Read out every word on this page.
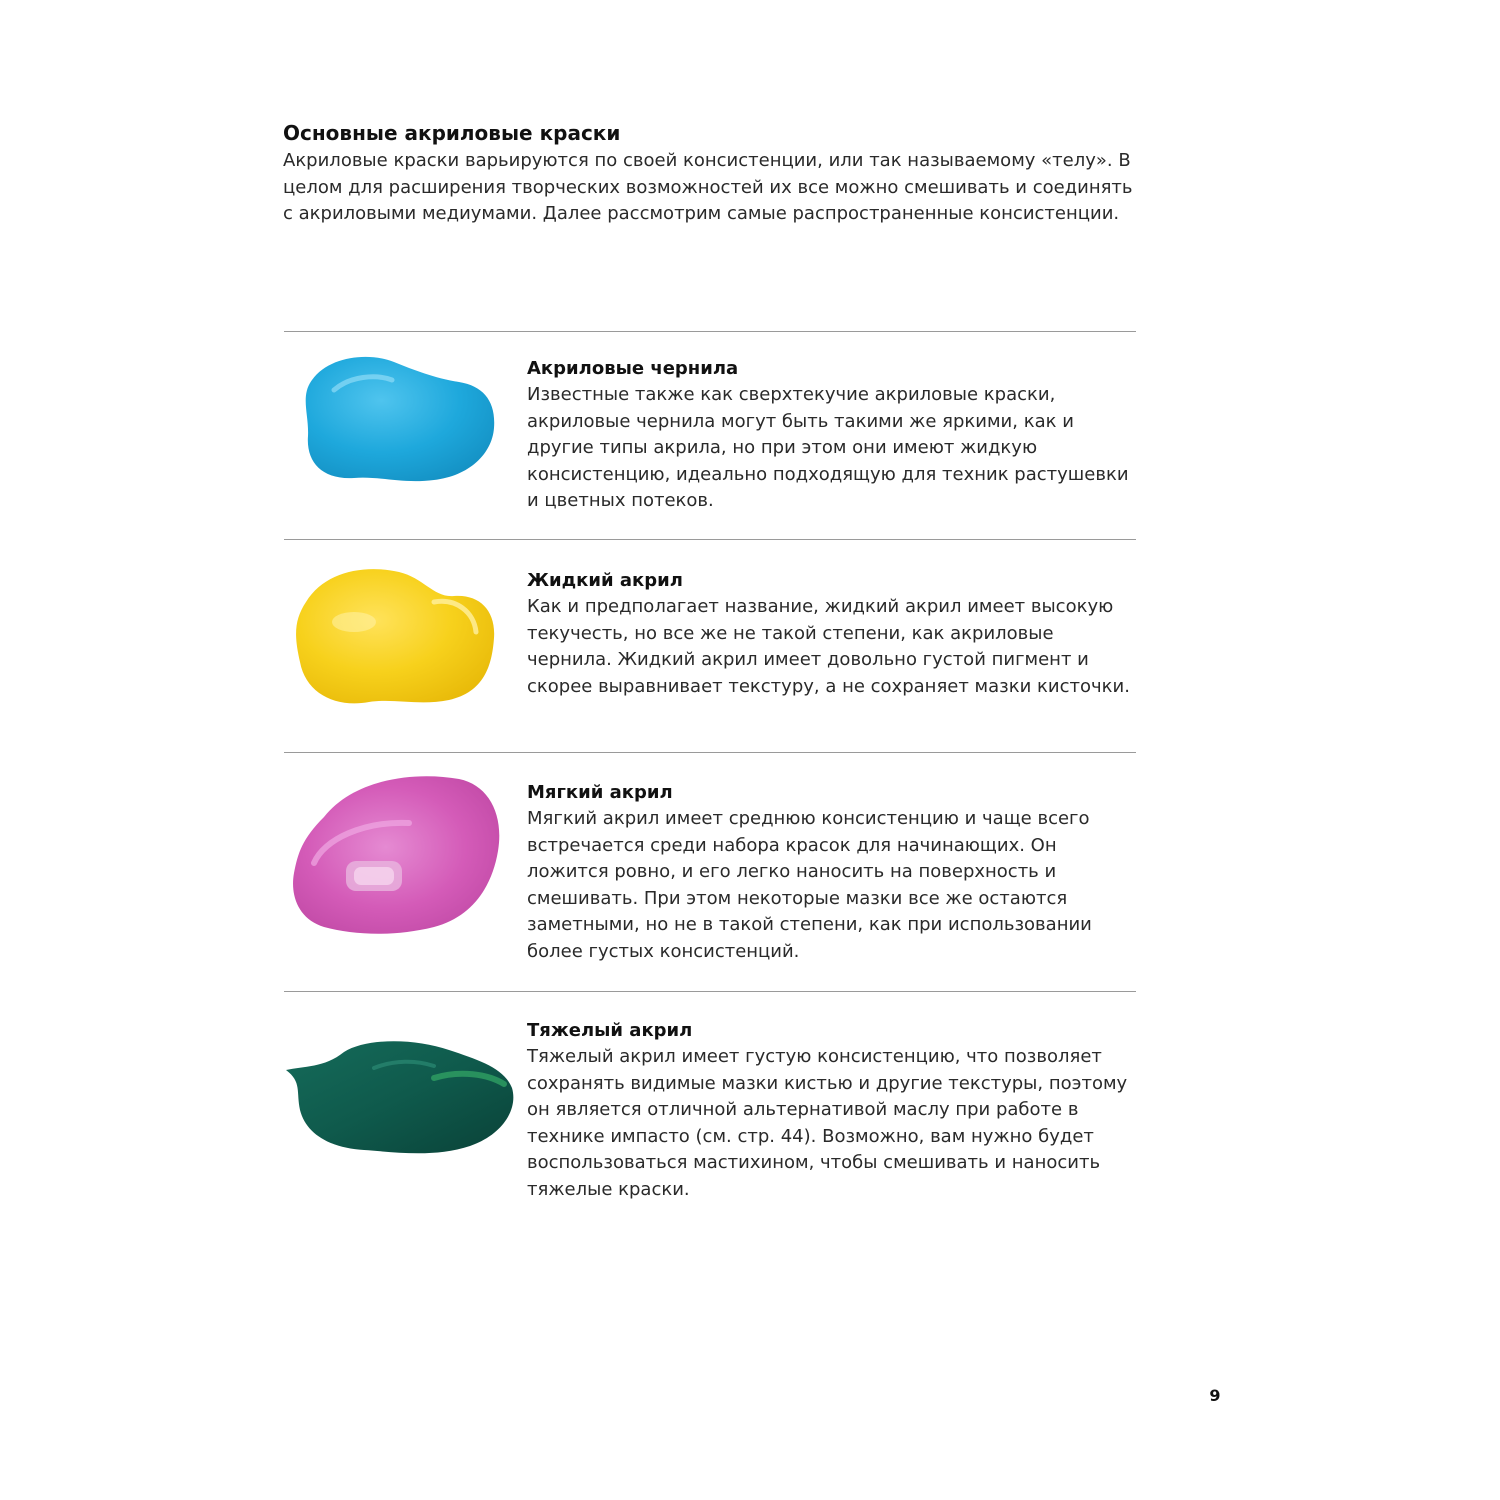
Основные акриловые краски

Акриловые краски варьируются по своей консистенции, или так называемому «телу». В целом для расширения творческих возможностей их все можно смешивать и соединять с акриловыми медиумами. Далее рассмотрим самые распространенные консистенции.

Акриловые чернила

Известные также как сверхтекучие акриловые краски, акриловые чернила могут быть такими же яркими, как и другие типы акрила, но при этом они имеют жидкую консистенцию, идеально подходящую для техник растушевки и цветных потеков.

Жидкий акрил

Как и предполагает название, жидкий акрил имеет высокую текучесть, но все же не такой степени, как акриловые чернила. Жидкий акрил имеет довольно густой пигмент и скорее выравнивает текстуру, а не сохраняет мазки кисточки.

Мягкий акрил

Мягкий акрил имеет среднюю консистенцию и чаще всего встречается среди набора красок для начинающих. Он ложится ровно, и его легко наносить на поверхность и смешивать. При этом некоторые мазки все же остаются заметными, но не в такой степени, как при использовании более густых консистенций.

Тяжелый акрил

Тяжелый акрил имеет густую консистенцию, что позволяет сохранять видимые мазки кистью и другие текстуры, поэтому он является отличной альтернативой маслу при работе в технике импасто (см. стр. 44). Возможно, вам нужно будет воспользоваться мастихином, чтобы смешивать и наносить тяжелые краски.

9
